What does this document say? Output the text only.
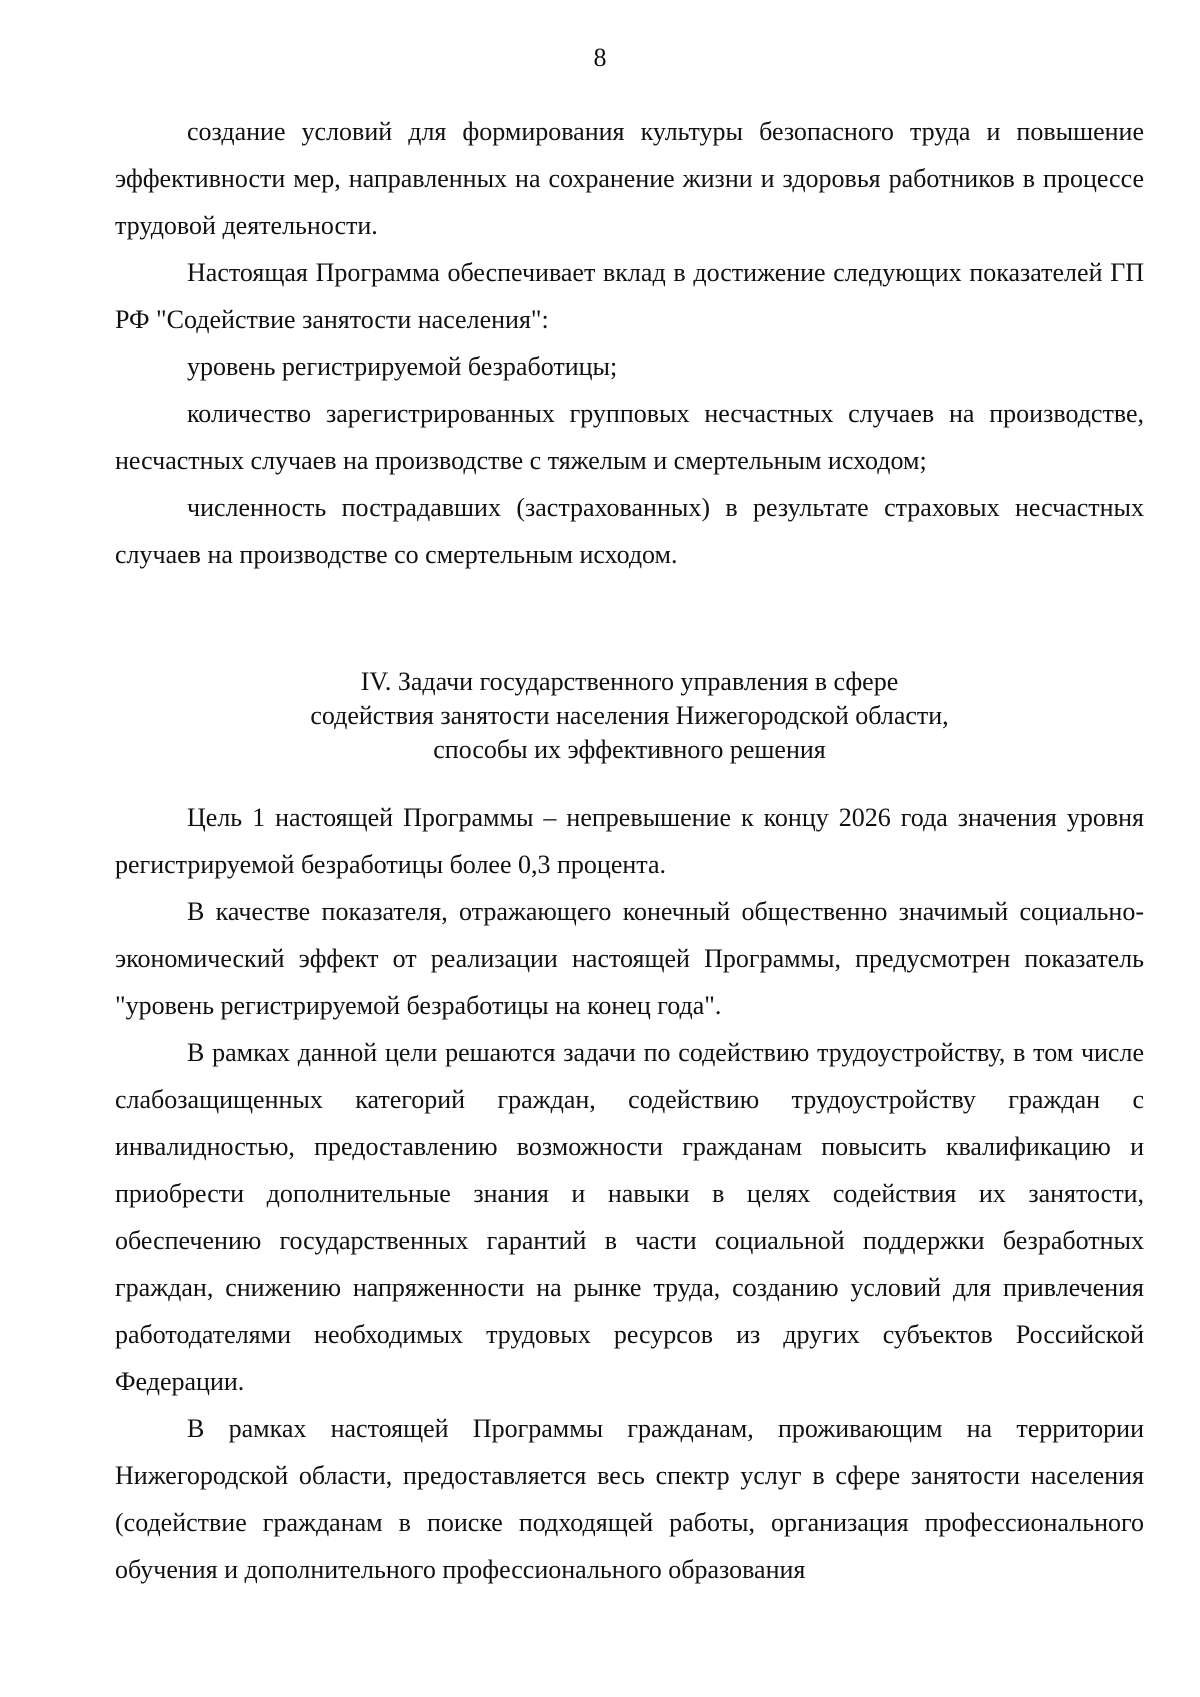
8

создание условий для формирования культуры безопасного труда и повышение эффективности мер, направленных на сохранение жизни и здоровья работников в процессе трудовой деятельности.

Настоящая Программа обеспечивает вклад в достижение следующих показателей ГП РФ "Содействие занятости населения":

уровень регистрируемой безработицы;

количество зарегистрированных групповых несчастных случаев на производстве, несчастных случаев на производстве с тяжелым и смертельным исходом;

численность пострадавших (застрахованных) в результате страховых несчастных случаев на производстве со смертельным исходом.

IV. Задачи государственного управления в сфере
содействия занятости населения Нижегородской области,
способы их эффективного решения

Цель 1 настоящей Программы – непревышение к концу 2026 года значения уровня регистрируемой безработицы более 0,3 процента.

В качестве показателя, отражающего конечный общественно значимый социально-экономический эффект от реализации настоящей Программы, предусмотрен показатель "уровень регистрируемой безработицы на конец года".

В рамках данной цели решаются задачи по содействию трудоустройству, в том числе слабозащищенных категорий граждан, содействию трудоустройству граждан с инвалидностью, предоставлению возможности гражданам повысить квалификацию и приобрести дополнительные знания и навыки в целях содействия их занятости, обеспечению государственных гарантий в части социальной поддержки безработных граждан, снижению напряженности на рынке труда, созданию условий для привлечения работодателями необходимых трудовых ресурсов из других субъектов Российской Федерации.

В рамках настоящей Программы гражданам, проживающим на территории Нижегородской области, предоставляется весь спектр услуг в сфере занятости населения (содействие гражданам в поиске подходящей работы, организация профессионального обучения и дополнительного профессионального образования
